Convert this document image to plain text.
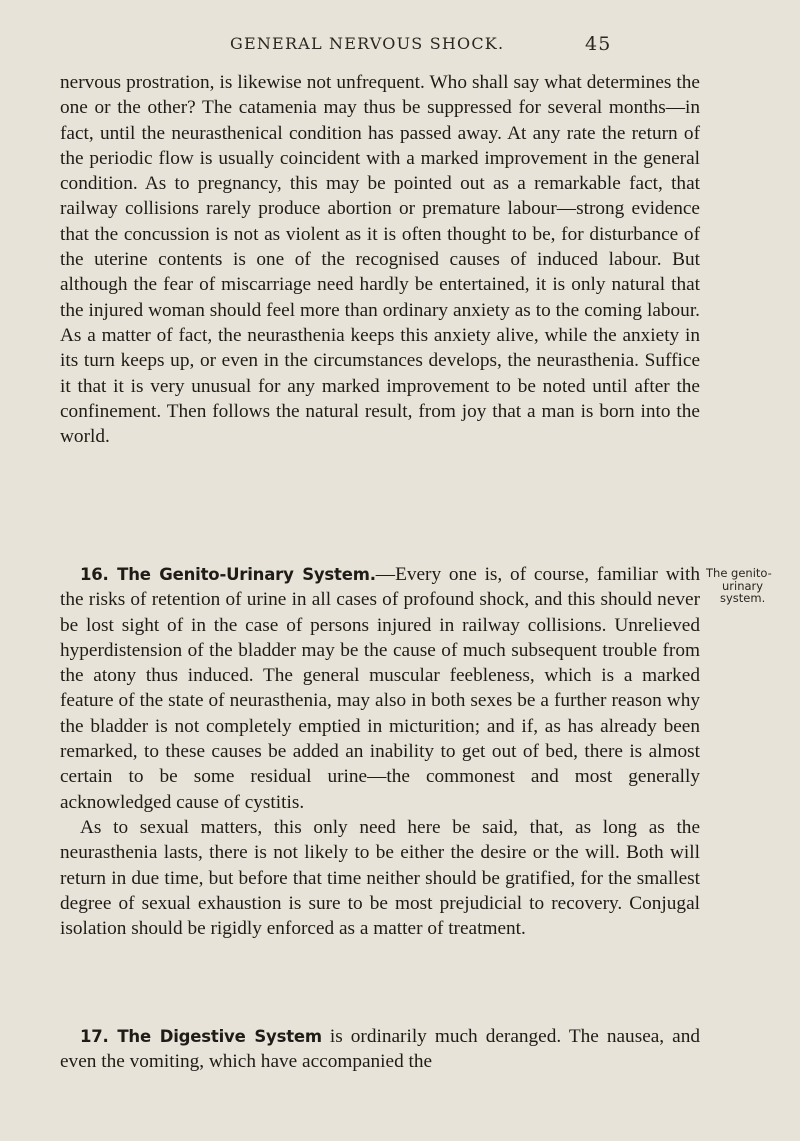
GENERAL NERVOUS SHOCK.	45

nervous prostration, is likewise not unfrequent. Who shall say what determines the one or the other? The catamenia may thus be suppressed for several months—in fact, until the neurasthenical condition has passed away. At any rate the return of the periodic flow is usually coincident with a marked improvement in the general condition. As to pregnancy, this may be pointed out as a remarkable fact, that railway collisions rarely produce abortion or premature labour—strong evidence that the concussion is not as violent as it is often thought to be, for disturbance of the uterine contents is one of the recognised causes of induced labour. But although the fear of miscarriage need hardly be entertained, it is only natural that the injured woman should feel more than ordinary anxiety as to the coming labour. As a matter of fact, the neurasthenia keeps this anxiety alive, while the anxiety in its turn keeps up, or even in the circumstances develops, the neurasthenia. Suffice it that it is very unusual for any marked improvement to be noted until after the confinement. Then follows the natural result, from joy that a man is born into the world.

16. The Genito-Urinary System.—Every one is, of course, familiar with the risks of retention of urine in all cases of profound shock, and this should never be lost sight of in the case of persons injured in railway collisions. Unrelieved hyperdistension of the bladder may be the cause of much subsequent trouble from the atony thus induced. The general muscular feebleness, which is a marked feature of the state of neurasthenia, may also in both sexes be a further reason why the bladder is not completely emptied in micturition; and if, as has already been remarked, to these causes be added an inability to get out of bed, there is almost certain to be some residual urine—the commonest and most generally acknowledged cause of cystitis.

As to sexual matters, this only need here be said, that, as long as the neurasthenia lasts, there is not likely to be either the desire or the will. Both will return in due time, but before that time neither should be gratified, for the smallest degree of sexual exhaustion is sure to be most prejudicial to recovery. Conjugal isolation should be rigidly enforced as a matter of treatment.

The genito-
urinary
system.

17. The Digestive System is ordinarily much deranged. The nausea, and even the vomiting, which have accompanied the
